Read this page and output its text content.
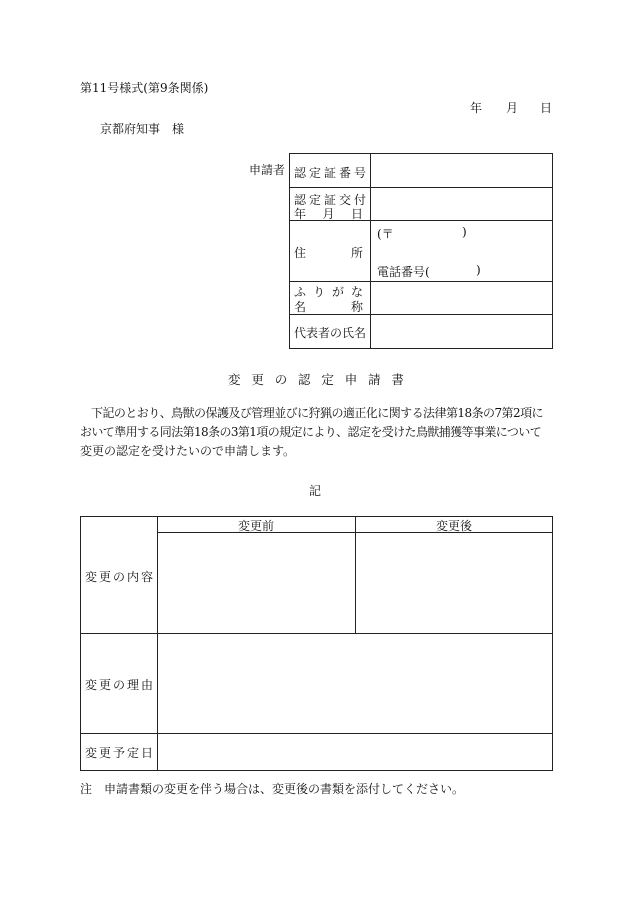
第11号様式(第9条関係)
年 月 日
京都府知事　様
申請者 認定証番号
認定証交付
年 月 日
住	所
(〒	)
電話番号(	)
ふ り が な
名	称
代表者の氏名
変 更 の 認 定 申 請 書

下記のとおり、鳥獣の保護及び管理並びに狩猟の適正化に関する法律第18条の7第2項に

おいて準用する同法第18条の3第1項の規定により、認定を受けた鳥獣捕獲等事業について

変更の認定を受けたいので申請します。

記
変更前	変更後
変 更 の 内 容
変 更 の 理 由
変 更 予 定 日
注　申請書類の変更を伴う場合は、変更後の書類を添付してください。
